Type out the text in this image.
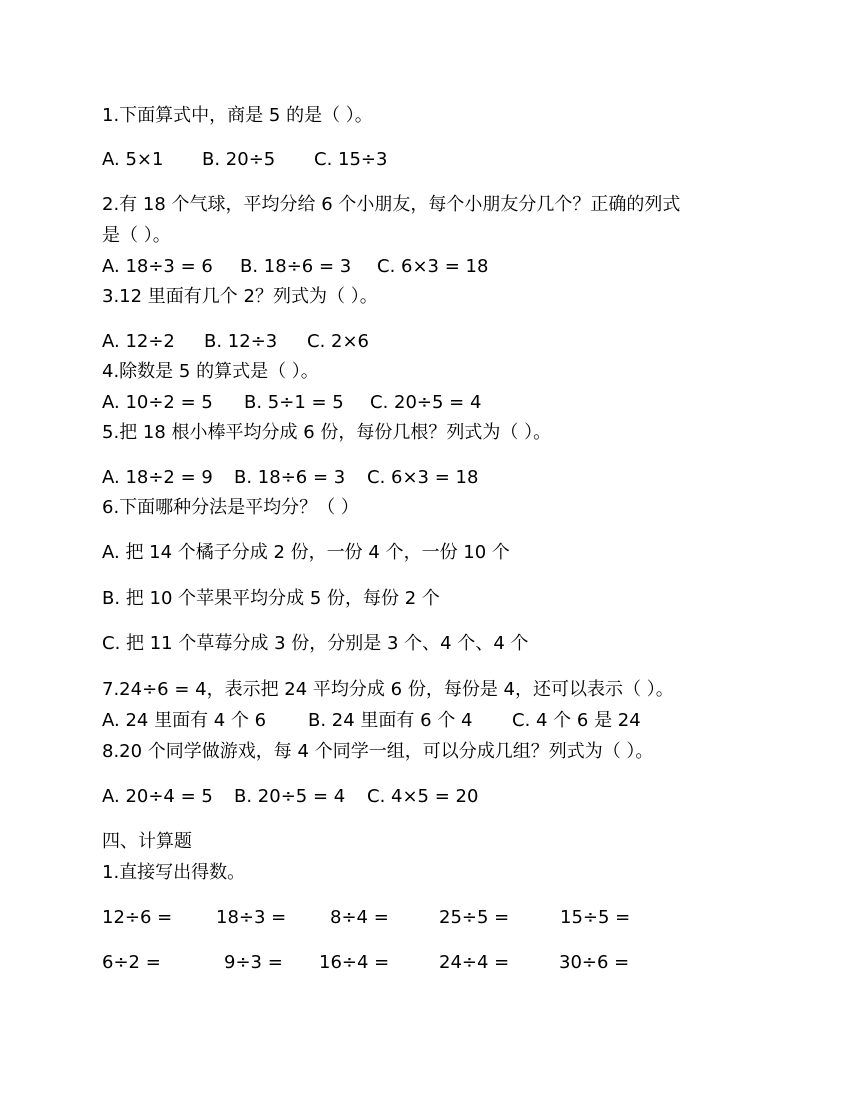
1.下面算式中，商是 5 的是（ ）。
A. 5×1 B. 20÷5 C. 15÷3
2.有 18 个气球，平均分给 6 个小朋友，每个小朋友分几个？正确的列式
是（ ）。
A. 18÷3 = 6 B. 18÷6 = 3 C. 6×3 = 18
3.12 里面有几个 2？列式为（ ）。
A. 12÷2 B. 12÷3 C. 2×6
4.除数是 5 的算式是（ ）。
A. 10÷2 = 5 B. 5÷1 = 5 C. 20÷5 = 4
5.把 18 根小棒平均分成 6 份，每份几根？列式为（ ）。
A. 18÷2 = 9 B. 18÷6 = 3 C. 6×3 = 18
6.下面哪种分法是平均分？（ ）
A. 把 14 个橘子分成 2 份，一份 4 个，一份 10 个
B. 把 10 个苹果平均分成 5 份，每份 2 个
C. 把 11 个草莓分成 3 份，分别是 3 个、4 个、4 个
7.24÷6 = 4，表示把 24 平均分成 6 份，每份是 4，还可以表示（ ）。
A. 24 里面有 4 个 6 B. 24 里面有 6 个 4 C. 4 个 6 是 24
8.20 个同学做游戏，每 4 个同学一组，可以分成几组？列式为（ ）。
A. 20÷4 = 5 B. 20÷5 = 4 C. 4×5 = 20
四、计算题
1.直接写出得数。
12÷6 = 18÷3 = 8÷4 =	25÷5 =	15÷5 =
6÷2 =	9÷3 = 16÷4 =	24÷4 =	30÷6 =
